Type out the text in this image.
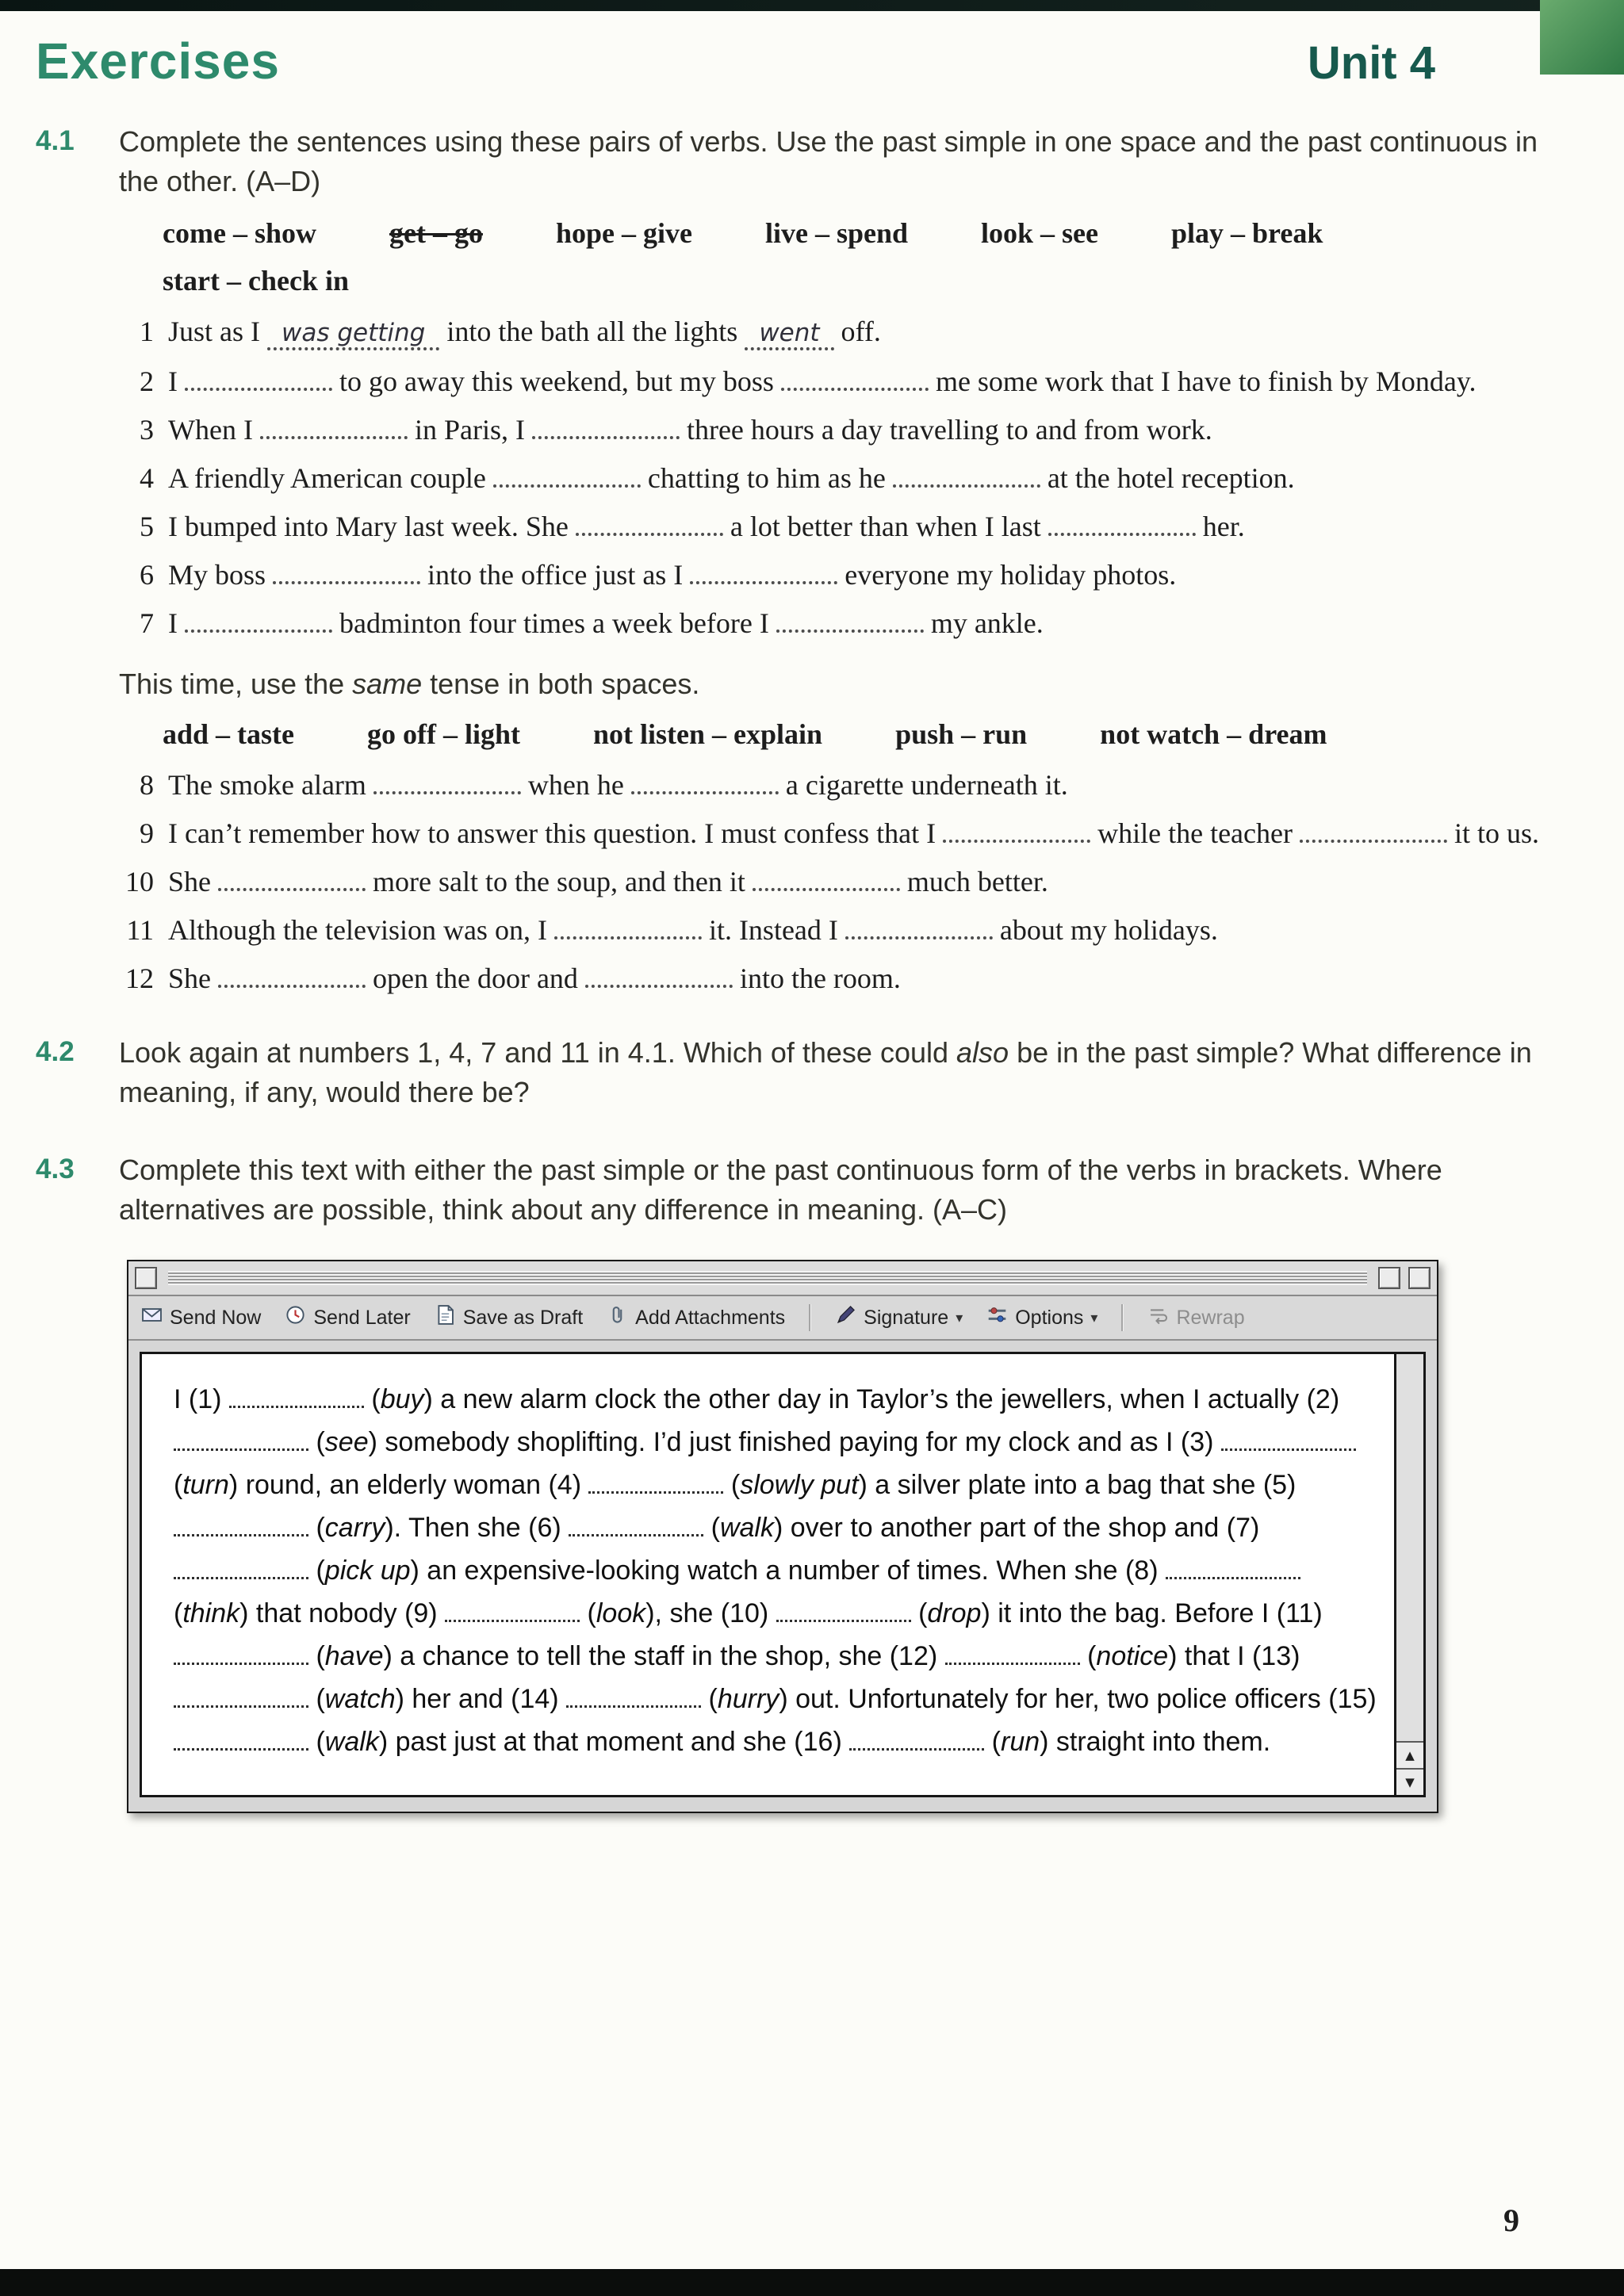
Exercises	Unit 4
4.1	Complete the sentences using these pairs of verbs. Use the past simple in one space and the past continuous in the other. (A–D)

come – show	get – go	hope – give	live – spend	look – see	play – break
start – check in
1 Just as I was getting into the bath all the lights went off.
2 I	to go away this weekend, but my boss	me some work that I have to finish by Monday.
3 When I	in Paris, I	three hours a day travelling to and from work.
4 A friendly American couple	chatting to him as he	at the hotel reception.
5 I bumped into Mary last week. She	a lot better than when I last	her.
6 My boss	into the office just as I	everyone my holiday photos.
7 I	badminton four times a week before I	my ankle.

This time, use the same tense in both spaces.

add – taste	go off – light	not listen – explain	push – run	not watch – dream
8 The smoke alarm	when he	a cigarette underneath it.
9 I can’t remember how to answer this question. I must confess that I	while the teacher	it to us.
10 She	more salt to the soup, and then it	much better.
11 Although the television was on, I	it. Instead I	about my holidays.
12 She	open the door and	into the room.
4.2	Look again at numbers 1, 4, 7 and 11 in 4.1. Which of these could also be in the past simple? What difference in meaning, if any, would there be?

4.3	Complete this text with either the past simple or the past continuous form of the verbs in brackets. Where alternatives are possible, think about any difference in meaning. (A–C)

Send Now	Send Later	Save as Draft	Add Attachments	Signature ▾	Options ▾	Rewrap

I (1)	(buy) a new alarm clock the other day in Taylor’s the jewellers, when I actually (2)  (see) somebody shoplifting. I’d just finished paying for my clock and as I (3)  (turn) round, an elderly woman (4)	(slowly put) a silver plate into a bag that she (5)  (carry). Then she (6)	(walk) over to another part of the shop and (7)  (pick up) an expensive-looking watch a number of times. When she (8)  (think) that nobody (9)	(look), she (10)	(drop) it into the bag. Before I (11)  (have) a chance to tell the staff in the shop, she (12)	(notice) that I (13)  (watch) her and (14)	(hurry) out. Unfortunately for her, two police officers (15)  (walk) past just at that moment and she (16)	(run) straight into them.	▲
▼
9
